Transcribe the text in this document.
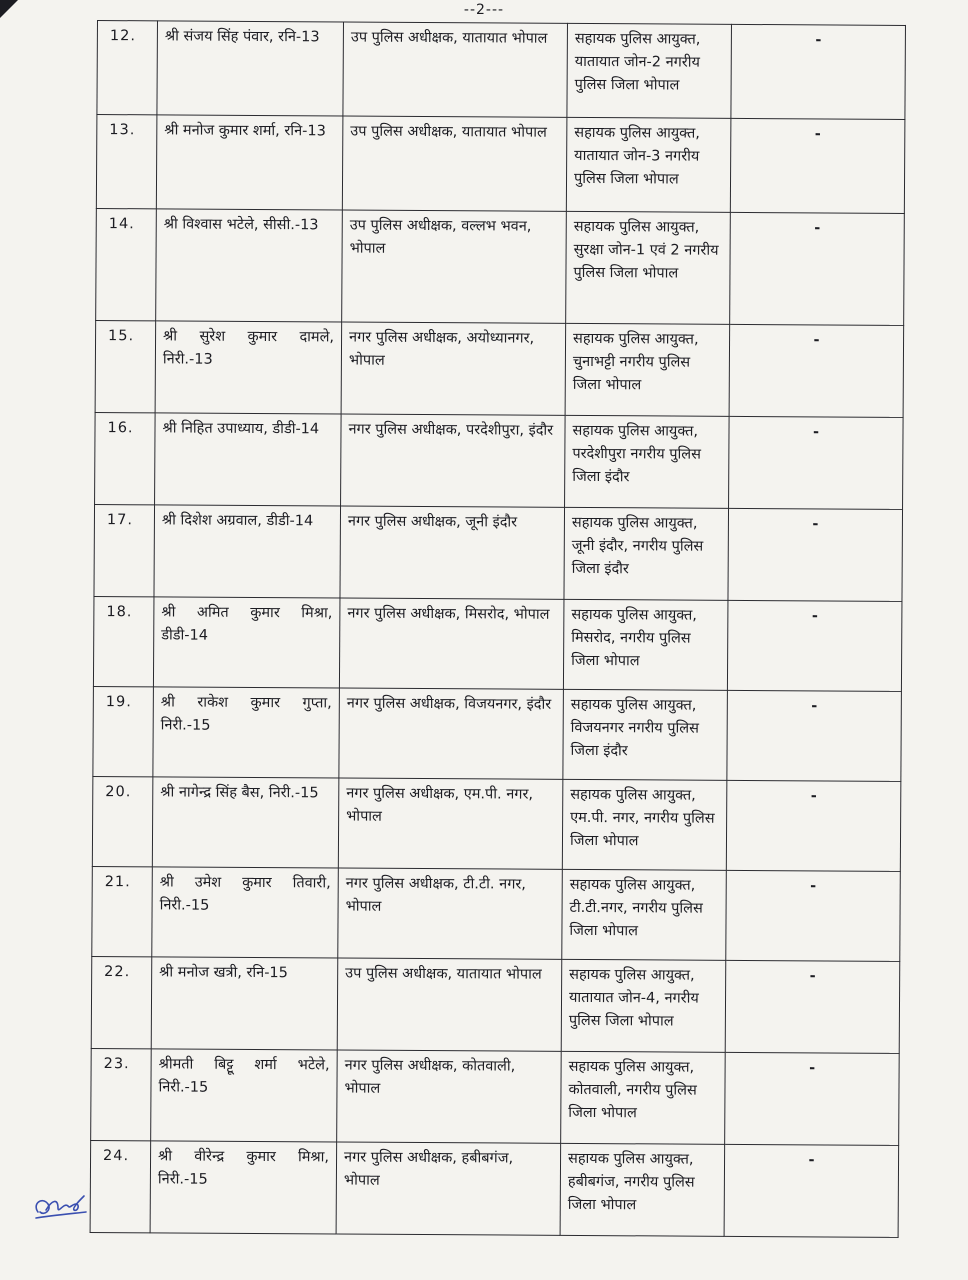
--2---
12.	श्री संजय सिंह पंवार, रनि-13	उप पुलिस अधीक्षक, यातायात भोपाल	सहायक पुलिस आयुक्त, यातायात जोन-2 नगरीय पुलिस जिला भोपाल	-
13.	श्री मनोज कुमार शर्मा, रनि-13	उप पुलिस अधीक्षक, यातायात भोपाल	सहायक पुलिस आयुक्त, यातायात जोन-3 नगरीय पुलिस जिला भोपाल	-
14.	श्री विश्वास भटेले, सीसी.-13	उप पुलिस अधीक्षक, वल्लभ भवन, भोपाल	सहायक पुलिस आयुक्त, सुरक्षा जोन-1 एवं 2 नगरीय पुलिस जिला भोपाल	-
15.	श्री सुरेश कुमार दामले, निरी.-13	नगर पुलिस अधीक्षक, अयोध्यानगर, भोपाल	सहायक पुलिस आयुक्त, चुनाभट्टी नगरीय पुलिस जिला भोपाल	-
16.	श्री निहित उपाध्याय, डीडी-14	नगर पुलिस अधीक्षक, परदेशीपुरा, इंदौर	सहायक पुलिस आयुक्त, परदेशीपुरा नगरीय पुलिस जिला इंदौर	-
17.	श्री दिशेश अग्रवाल, डीडी-14	नगर पुलिस अधीक्षक, जूनी इंदौर	सहायक पुलिस आयुक्त, जूनी इंदौर, नगरीय पुलिस जिला इंदौर	-
18.	श्री अमित कुमार मिश्रा, डीडी-14	नगर पुलिस अधीक्षक, मिसरोद, भोपाल	सहायक पुलिस आयुक्त, मिसरोद, नगरीय पुलिस जिला भोपाल	-
19.	श्री राकेश कुमार गुप्ता, निरी.-15	नगर पुलिस अधीक्षक, विजयनगर, इंदौर	सहायक पुलिस आयुक्त, विजयनगर नगरीय पुलिस जिला इंदौर	-
20.	श्री नागेन्द्र सिंह बैस, निरी.-15	नगर पुलिस अधीक्षक, एम.पी. नगर, भोपाल	सहायक पुलिस आयुक्त, एम.पी. नगर, नगरीय पुलिस जिला भोपाल	-
21.	श्री उमेश कुमार तिवारी, निरी.-15	नगर पुलिस अधीक्षक, टी.टी. नगर, भोपाल	सहायक पुलिस आयुक्त, टी.टी.नगर, नगरीय पुलिस जिला भोपाल	-
22.	श्री मनोज खत्री, रनि-15	उप पुलिस अधीक्षक, यातायात भोपाल	सहायक पुलिस आयुक्त, यातायात जोन-4, नगरीय पुलिस जिला भोपाल	-
23.	श्रीमती बिट्टू शर्मा भटेले, निरी.-15	नगर पुलिस अधीक्षक, कोतवाली, भोपाल	सहायक पुलिस आयुक्त, कोतवाली, नगरीय पुलिस जिला भोपाल	-
24.	श्री वीरेन्द्र कुमार मिश्रा, निरी.-15	नगर पुलिस अधीक्षक, हबीबगंज, भोपाल	सहायक पुलिस आयुक्त, हबीबगंज, नगरीय पुलिस जिला भोपाल	-
